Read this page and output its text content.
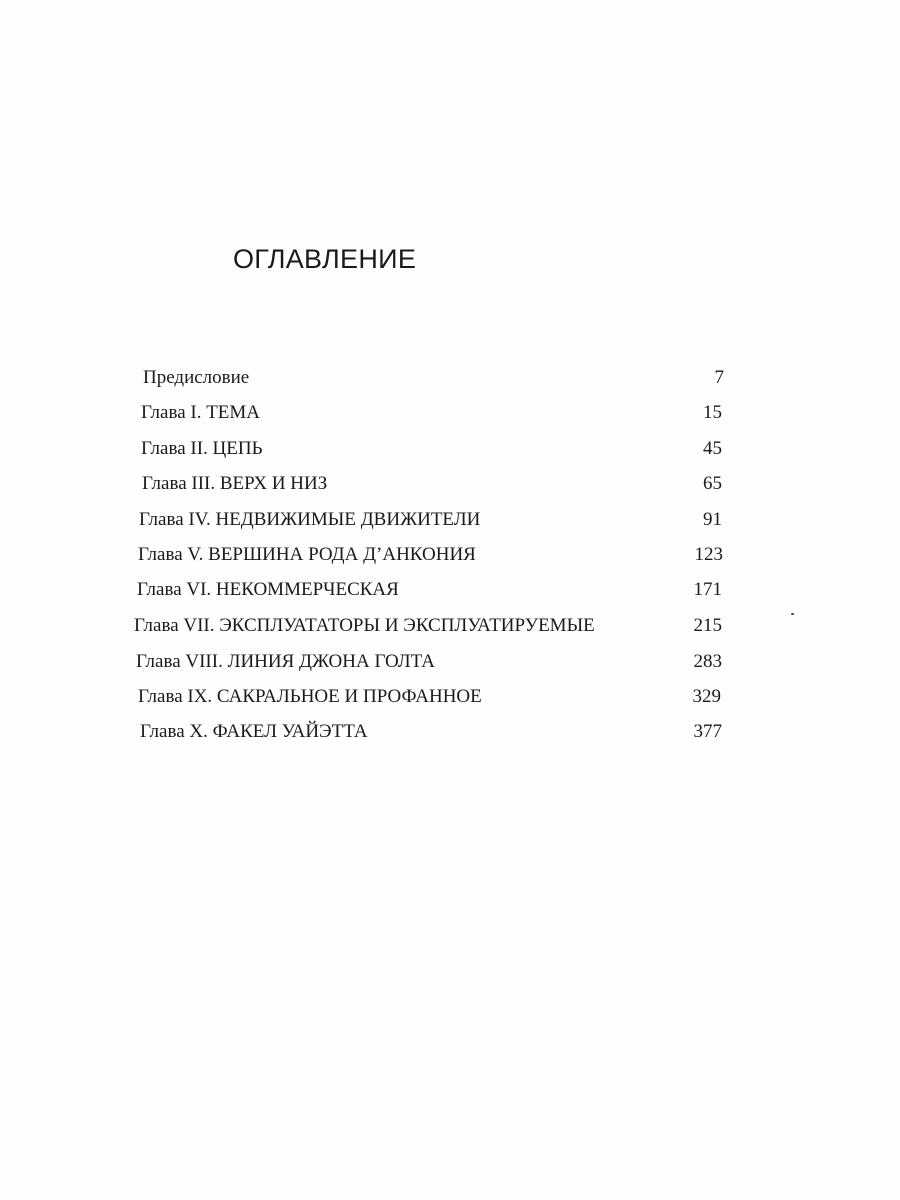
ОГЛАВЛЕНИЕ
Предисловие	7
Глава I. ТЕМА	15
Глава II. ЦЕПЬ	45
Глава III. ВЕРХ И НИЗ	65
Глава IV. НЕДВИЖИМЫЕ ДВИЖИТЕЛИ	91
Глава V. ВЕРШИНА РОДА Д’АНКОНИЯ	123
Глава VI. НЕКОММЕРЧЕСКАЯ	171
Глава VII. ЭКСПЛУАТАТОРЫ И ЭКСПЛУАТИРУЕМЫЕ	215
Глава VIII. ЛИНИЯ ДЖОНА ГОЛТА	283
Глава IX. САКРАЛЬНОЕ И ПРОФАННОЕ	329
Глава X. ФАКЕЛ УАЙЭТТА	377
